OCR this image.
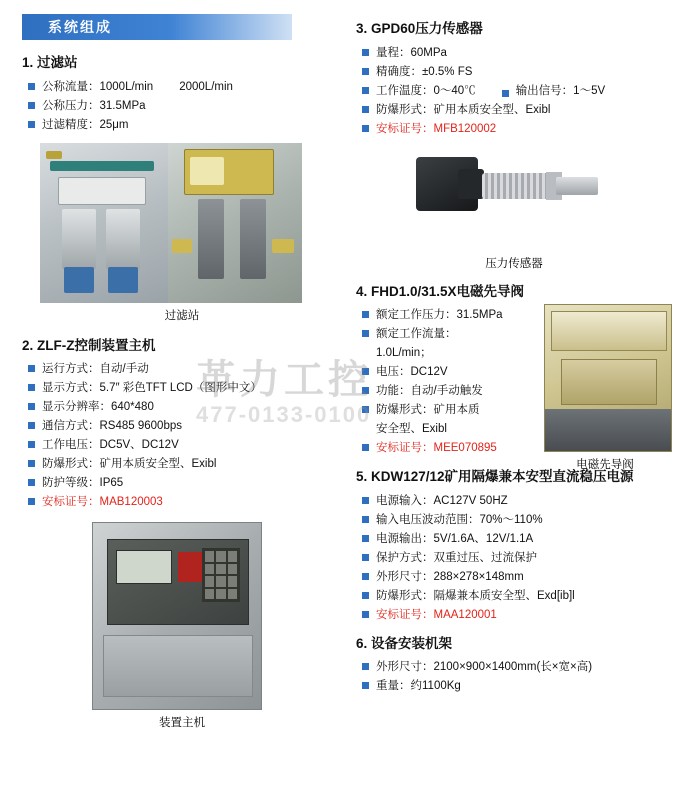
系统组成
1. 过滤站
公称流量：1000L/min 2000L/min
公称压力：31.5MPa
过滤精度：25μm
过滤站
2. ZLF-Z控制装置主机
运行方式：自动/手动
显示方式：5.7″ 彩色TFT LCD（图形中文）
显示分辨率：640*480
通信方式：RS485 9600bps
工作电压：DC5V、DC12V
防爆形式：矿用本质安全型、Exibl
防护等级：IP65
安标证号：MAB120003
装置主机
3. GPD60压力传感器
量程：60MPa
精确度：±0.5% FS
工作温度：0～40℃	输出信号：1～5V
防爆形式：矿用本质安全型、Exibl
安标证号：MFB120002
压力传感器
4. FHD1.0/31.5X电磁先导阀
额定工作压力：31.5MPa
额定工作流量：
1.0L/min；
电压：DC12V
功能：自动/手动触发
防爆形式：矿用本质
安全型、Exibl
安标证号：MEE070895
电磁先导阀
5. KDW127/12矿用隔爆兼本安型直流稳压电源
电源输入：AC127V 50HZ
输入电压波动范围：70%～110%
电源输出：5V/1.6A、12V/1.1A
保护方式：双重过压、过流保护
外形尺寸：288×278×148mm
防爆形式：隔爆兼本质安全型、Exd[ib]l
安标证号：MAA120001
6. 设备安装机架
外形尺寸：2100×900×1400mm(长×宽×高)
重量：约1100Kg
革力工控
477-0133-0100
